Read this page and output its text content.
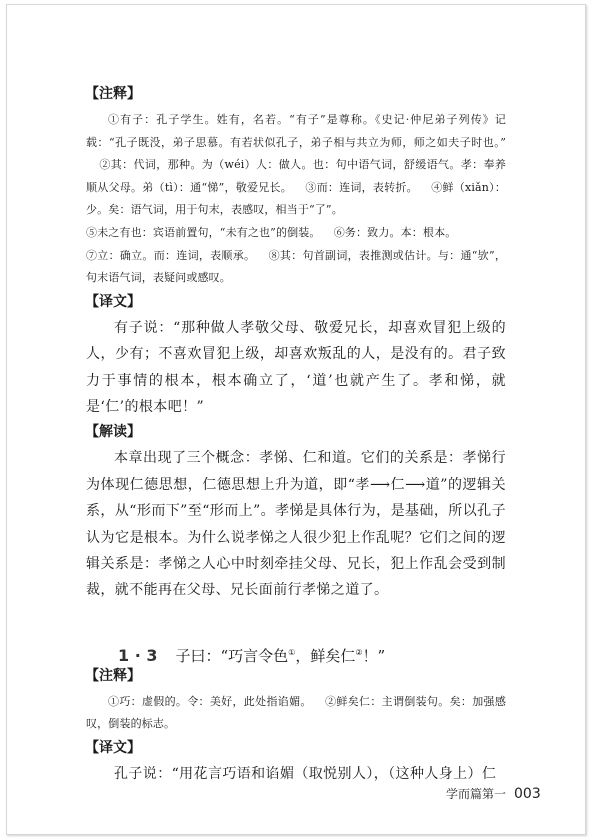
【注释】

①有子：孔子学生。姓有，名若。“有子”是尊称。《史记·仲尼弟子列传》记载：“孔子既没，弟子思慕。有若状似孔子，弟子相与共立为师，师之如夫子时也。”②其：代词，那种。为（wéi）人：做人。也：句中语气词，舒缓语气。孝：奉养顺从父母。弟（tì）：通“悌”，敬爱兄长。 ③而：连词，表转折。 ④鲜（xiǎn）：少。矣：语气词，用于句末，表感叹，相当于“了”。
⑤未之有也：宾语前置句，“未有之也”的倒装。 ⑥务：致力。本：根本。
⑦立：确立。而：连词，表顺承。 ⑧其：句首副词，表推测或估计。与：通“欤”，句末语气词，表疑问或感叹。

【译文】

有子说：“那种做人孝敬父母、敬爱兄长，却喜欢冒犯上级的人，少有；不喜欢冒犯上级，却喜欢叛乱的人，是没有的。君子致力于事情的根本，根本确立了，‘道’也就产生了。孝和悌，就是‘仁’的根本吧！”

【解读】

本章出现了三个概念：孝悌、仁和道。它们的关系是：孝悌行为体现仁德思想，仁德思想上升为道，即“孝⟶仁⟶道”的逻辑关系，从“形而下”至“形而上”。孝悌是具体行为，是基础，所以孔子认为它是根本。为什么说孝悌之人很少犯上作乱呢？它们之间的逻辑关系是：孝悌之人心中时刻牵挂父母、兄长，犯上作乱会受到制裁，就不能再在父母、兄长面前行孝悌之道了。

1 · 3 子曰：“巧言令色①，鲜矣仁②！”
【注释】

①巧：虚假的。令：美好，此处指谄媚。 ②鲜矣仁：主谓倒装句。矣：加强感叹，倒装的标志。

【译文】

孔子说：“用花言巧语和谄媚（取悦别人），（这种人身上）仁

学而篇第一 003
